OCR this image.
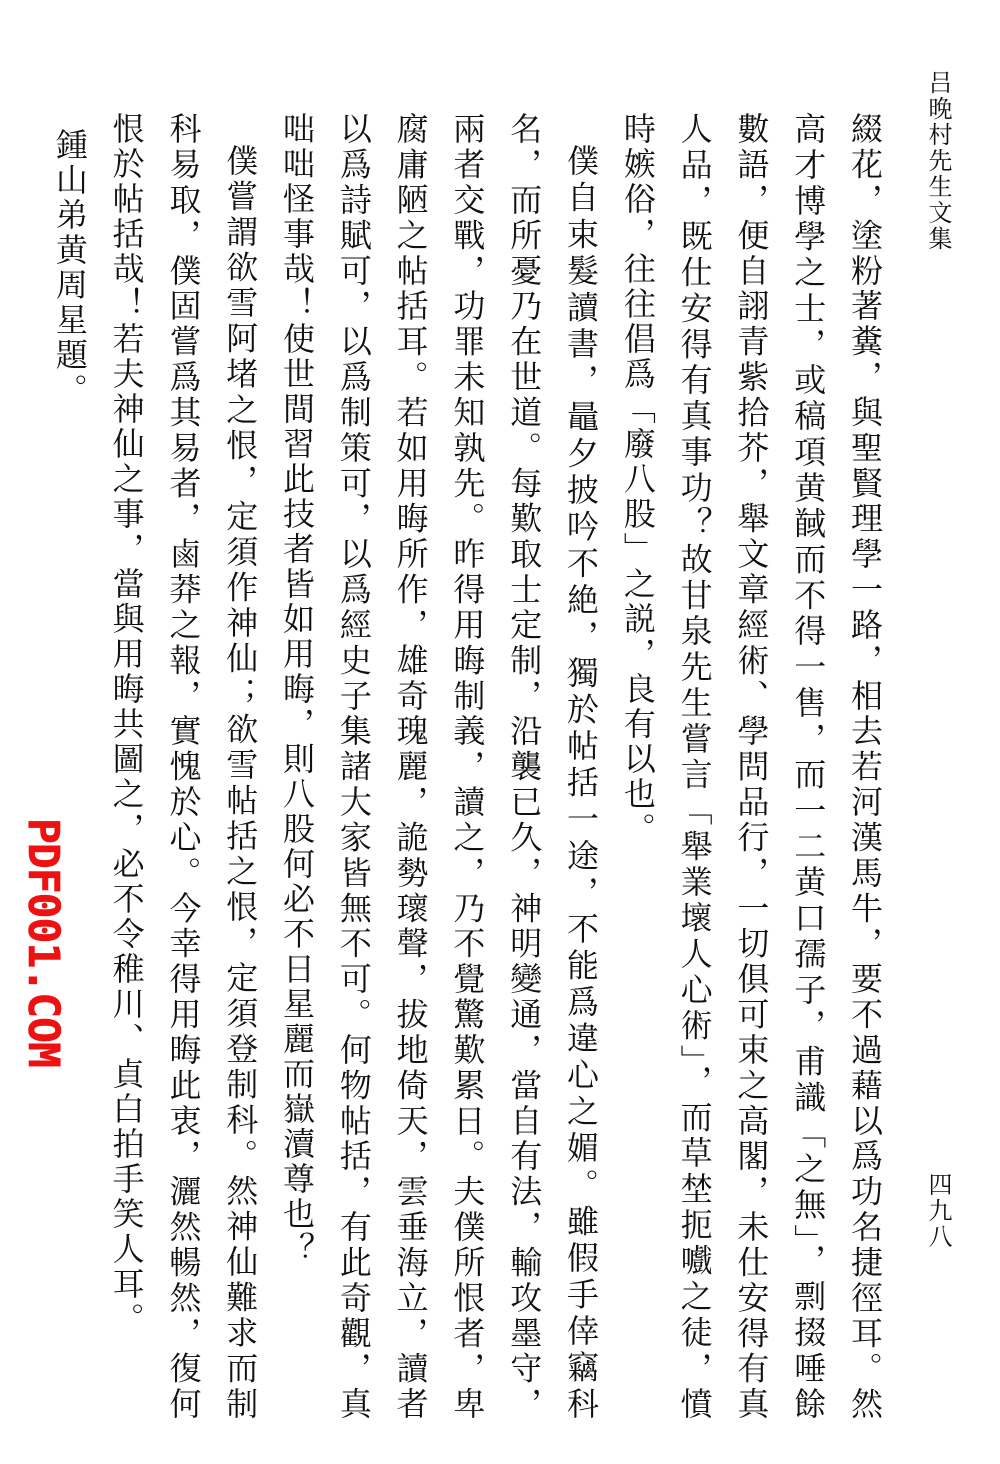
吕晚村先生文集
四九八

綴花，塗粉著糞，與聖賢理學一路，相去若河漢馬牛，要不過藉以爲功名捷徑耳。然高才博學之士，或稿項黄馘而不得一售，而一二黄口孺子，甫識「之無」，剽掇唾餘數語，便自詡青紫拾芥，舉文章經術、學問品行，一切俱可束之高閣，未仕安得有真人品，既仕安得有真事功？故甘泉先生嘗言「舉業壞人心術」，而草埜扼嚱之徒，憤時嫉俗，往往倡爲「廢八股」之説，良有以也。

僕自束髮讀書，鼂夕披吟不絶，獨於帖括一途，不能爲違心之媚。雖假手倖竊科名，而所憂乃在世道。每歎取士定制，沿襲已久，神明變通，當自有法，輸攻墨守，兩者交戰，功罪未知孰先。昨得用晦制義，讀之，乃不覺驚歎累日。夫僕所恨者，卑腐庸陋之帖括耳。若如用晦所作，雄奇瑰麗，詭勢瓌聲，拔地倚天，雲垂海立，讀者以爲詩賦可，以爲制策可，以爲經史子集諸大家皆無不可。何物帖括，有此奇觀，真咄咄怪事哉！使世間習此技者皆如用晦，則八股何必不日星麗而嶽瀆尊也？

僕嘗謂欲雪阿堵之恨，定須作神仙；欲雪帖括之恨，定須登制科。然神仙難求而制科易取，僕固嘗爲其易者，鹵莽之報，實愧於心。今幸得用晦此衷，灑然暢然，復何恨於帖括哉！若夫神仙之事，當與用晦共圖之，必不令稚川、貞白拍手笑人耳。

鍾山弟黄周星題。

PDF001.COM
